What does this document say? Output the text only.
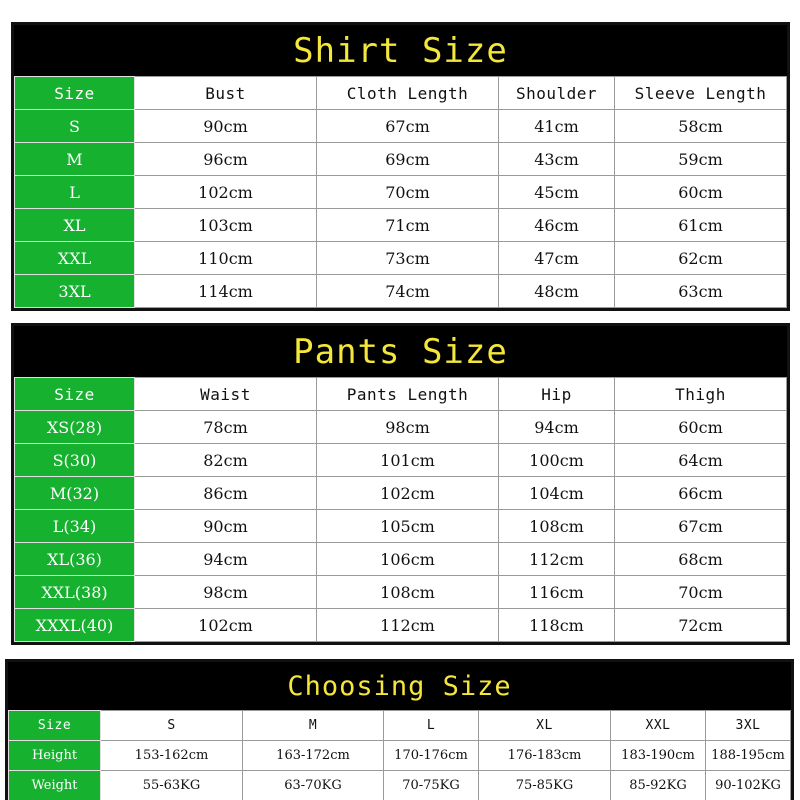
Shirt Size
Size	Bust	Cloth Length	Shoulder	Sleeve Length
S	90cm	67cm	41cm	58cm
M	96cm	69cm	43cm	59cm
L	102cm	70cm	45cm	60cm
XL	103cm	71cm	46cm	61cm
XXL	110cm	73cm	47cm	62cm
3XL	114cm	74cm	48cm	63cm
Pants Size
Size	Waist	Pants Length	Hip	Thigh
XS(28)	78cm	98cm	94cm	60cm
S(30)	82cm	101cm	100cm	64cm
M(32)	86cm	102cm	104cm	66cm
L(34)	90cm	105cm	108cm	67cm
XL(36)	94cm	106cm	112cm	68cm
XXL(38)	98cm	108cm	116cm	70cm
XXXL(40)	102cm	112cm	118cm	72cm
Choosing Size
Size	S	M	L	XL	XXL	3XL
Height	153-162cm	163-172cm	170-176cm	176-183cm	183-190cm	188-195cm
Weight	55-63KG	63-70KG	70-75KG	75-85KG	85-92KG	90-102KG
